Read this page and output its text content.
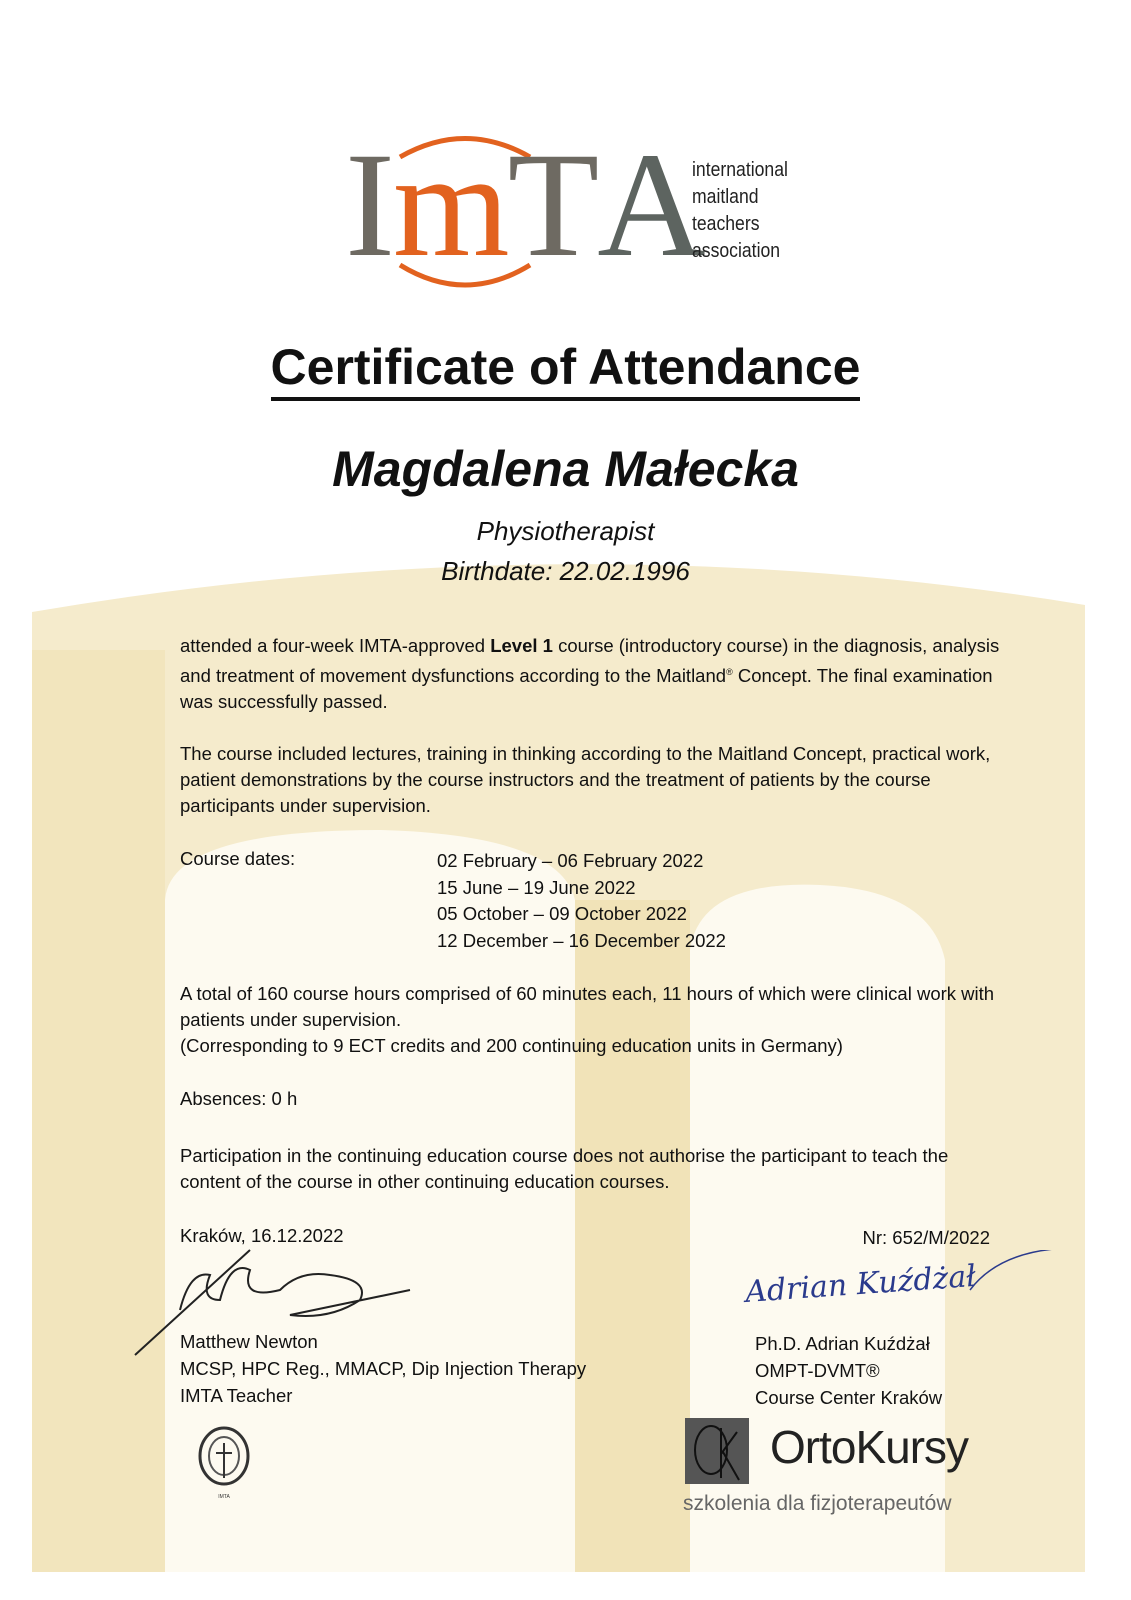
ImTA
international
maitland
teachers
association
Certificate of Attendance
Magdalena Małecka
Physiotherapist
Birthdate: 22.02.1996
attended a four-week IMTA-approved Level 1 course (introductory course) in the diagnosis, analysis and treatment of movement dysfunctions according to the Maitland® Concept. The final examination was successfully passed.
The course included lectures, training in thinking according to the Maitland Concept, practical work, patient demonstrations by the course instructors and the treatment of patients by the course participants under supervision.
Course dates:	02 February – 06 February 2022
15 June – 19 June 2022
05 October – 09 October 2022
12 December – 16 December 2022
A total of 160 course hours comprised of 60 minutes each, 11 hours of which were clinical work with patients under supervision.
(Corresponding to 9 ECT credits and 200 continuing education units in Germany)
Absences: 0 h
Participation in the continuing education course does not authorise the participant to teach the content of the course in other continuing education courses.
Kraków, 16.12.2022	Nr: 652/M/2022
Matthew Newton
MCSP, HPC Reg., MMACP, Dip Injection Therapy
IMTA Teacher
IMTA
Adrian Kuźdżał
Ph.D. Adrian Kuźdżał
OMPT-DVMT®
Course Center Kraków
OrtoKursy
szkolenia dla fizjoterapeutów
